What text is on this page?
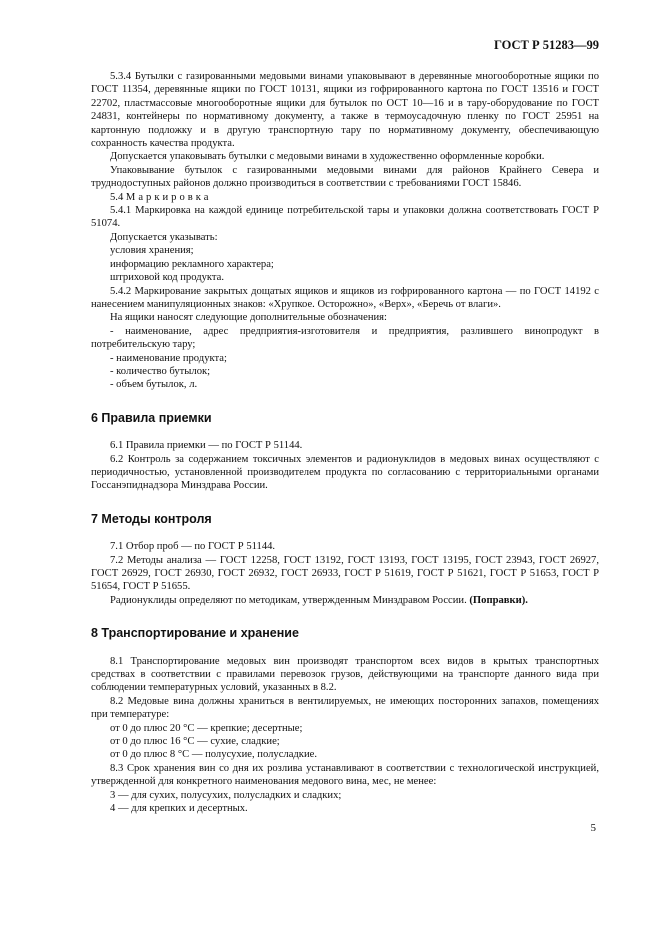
ГОСТ Р 51283—99

5.3.4 Бутылки с газированными медовыми винами упаковывают в деревянные многооборотные ящики по ГОСТ 11354, деревянные ящики по ГОСТ 10131, ящики из гофрированного картона по ГОСТ 13516 и ГОСТ 22702, пластмассовые многооборотные ящики для бутылок по ОСТ 10—16 и в тару-оборудование по ГОСТ 24831, контейнеры по нормативному документу, а также в термоусадочную пленку по ГОСТ 25951 на картонную подложку и в другую транспортную тару по нормативному документу, обеспечивающую сохранность качества продукта.

Допускается упаковывать бутылки с медовыми винами в художественно оформленные коробки.

Упаковывание бутылок с газированными медовыми винами для районов Крайнего Севера и труднодоступных районов должно производиться в соответствии с требованиями ГОСТ 15846.

5.4 Маркировка

5.4.1 Маркировка на каждой единице потребительской тары и упаковки должна соответствовать ГОСТ Р 51074.

Допускается указывать:

условия хранения;

информацию рекламного характера;

штриховой код продукта.

5.4.2 Маркирование закрытых дощатых ящиков и ящиков из гофрированного картона — по ГОСТ 14192 с нанесением манипуляционных знаков: «Хрупкое. Осторожно», «Верх», «Беречь от влаги».

На ящики наносят следующие дополнительные обозначения:

- наименование, адрес предприятия-изготовителя и предприятия, разлившего винопродукт в потребительскую тару;

- наименование продукта;

- количество бутылок;

- объем бутылок, л.

6 Правила приемки

6.1 Правила приемки — по ГОСТ Р 51144.

6.2 Контроль за содержанием токсичных элементов и радионуклидов в медовых винах осуществляют с периодичностью, установленной производителем продукта по согласованию с территориальными органами Госсанэпиднадзора Минздрава России.

7 Методы контроля

7.1 Отбор проб — по ГОСТ Р 51144.

7.2 Методы анализа — ГОСТ 12258, ГОСТ 13192, ГОСТ 13193, ГОСТ 13195, ГОСТ 23943, ГОСТ 26927, ГОСТ 26929, ГОСТ 26930, ГОСТ 26932, ГОСТ 26933, ГОСТ Р 51619, ГОСТ Р 51621, ГОСТ Р 51653, ГОСТ Р 51654, ГОСТ Р 51655.

Радионуклиды определяют по методикам, утвержденным Минздравом России. (Поправки).

8 Транспортирование и хранение

8.1 Транспортирование медовых вин производят транспортом всех видов в крытых транспортных средствах в соответствии с правилами перевозок грузов, действующими на транспорте данного вида при соблюдении температурных условий, указанных в 8.2.

8.2 Медовые вина должны храниться в вентилируемых, не имеющих посторонних запахов, помещениях при температуре:

от 0 до плюс 20 °С — крепкие; десертные;

от 0 до плюс 16 °С — сухие, сладкие;

от 0 до плюс 8 °С — полусухие, полусладкие.

8.3 Срок хранения вин со дня их розлива устанавливают в соответствии с технологической инструкцией, утвержденной для конкретного наименования медового вина, мес, не менее:

3 — для сухих, полусухих, полусладких и сладких;

4 — для крепких и десертных.

5
